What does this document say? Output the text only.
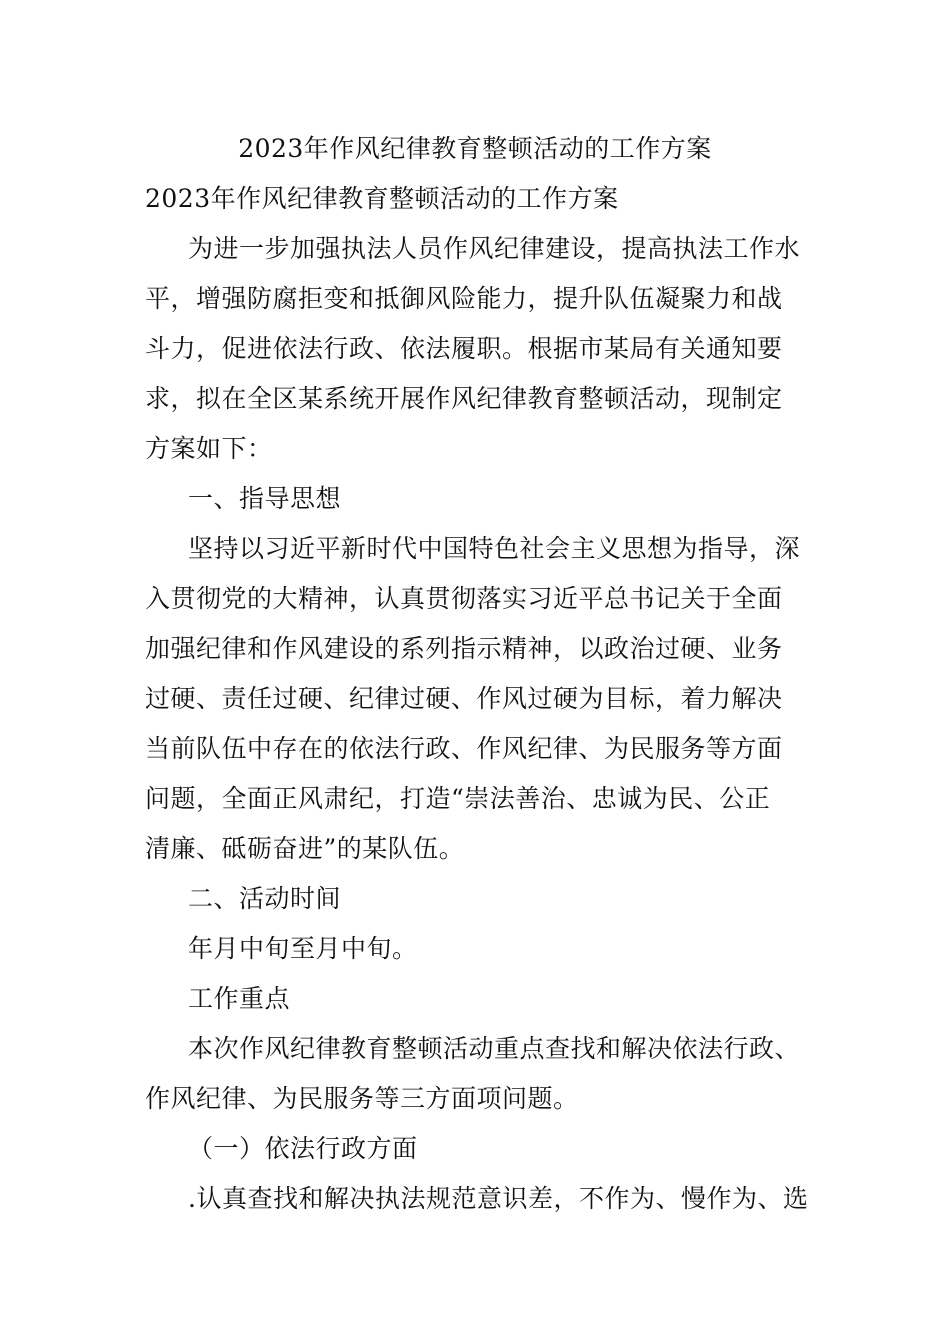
2023年作风纪律教育整顿活动的工作方案
2023年作风纪律教育整顿活动的工作方案
为进一步加强执法人员作风纪律建设，提高执法工作水
平，增强防腐拒变和抵御风险能力，提升队伍凝聚力和战
斗力，促进依法行政、依法履职。根据市某局有关通知要
求，拟在全区某系统开展作风纪律教育整顿活动，现制定
方案如下：
一、指导思想
坚持以习近平新时代中国特色社会主义思想为指导，深
入贯彻党的大精神，认真贯彻落实习近平总书记关于全面
加强纪律和作风建设的系列指示精神，以政治过硬、业务
过硬、责任过硬、纪律过硬、作风过硬为目标，着力解决
当前队伍中存在的依法行政、作风纪律、为民服务等方面
问题，全面正风肃纪，打造“崇法善治、忠诚为民、公正
清廉、砥砺奋进”的某队伍。
二、活动时间
年月中旬至月中旬。
工作重点
本次作风纪律教育整顿活动重点查找和解决依法行政、
作风纪律、为民服务等三方面项问题。
（一）依法行政方面
.认真查找和解决执法规范意识差，不作为、慢作为、选
